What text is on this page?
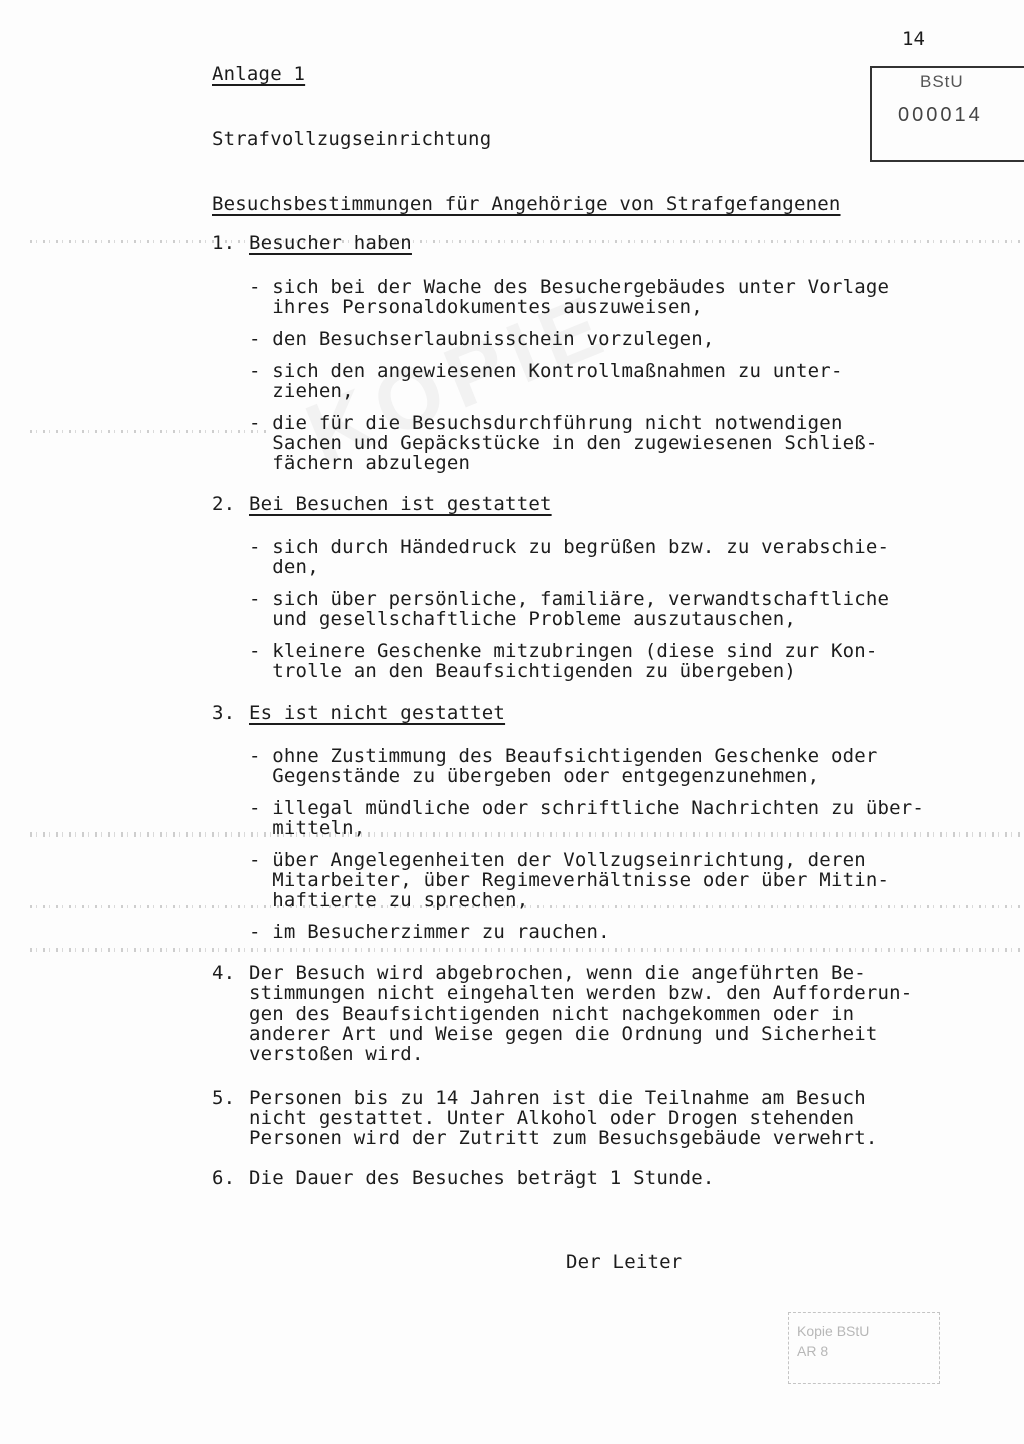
14
BStU
000014
Anlage 1
Strafvollzugseinrichtung
Besuchsbestimmungen für Angehörige von Strafgefangenen
1. Besucher haben
- sich bei der Wache des Besuchergebäudes unter Vorlage
ihres Personaldokumentes auszuweisen,
- den Besuchserlaubnisschein vorzulegen,
- sich den angewiesenen Kontrollmaßnahmen zu unter-
ziehen,
- die für die Besuchsdurchführung nicht notwendigen
Sachen und Gepäckstücke in den zugewiesenen Schließ-
fächern abzulegen
2. Bei Besuchen ist gestattet
- sich durch Händedruck zu begrüßen bzw. zu verabschie-
den,
- sich über persönliche, familiäre, verwandtschaftliche
und gesellschaftliche Probleme auszutauschen,
- kleinere Geschenke mitzubringen (diese sind zur Kon-
trolle an den Beaufsichtigenden zu übergeben)
3. Es ist nicht gestattet
- ohne Zustimmung des Beaufsichtigenden Geschenke oder
Gegenstände zu übergeben oder entgegenzunehmen,
- illegal mündliche oder schriftliche Nachrichten zu über-
mitteln,
- über Angelegenheiten der Vollzugseinrichtung, deren
Mitarbeiter, über Regimeverhältnisse oder über Mitin-
haftierte zu sprechen,
- im Besucherzimmer zu rauchen.
4. Der Besuch wird abgebrochen, wenn die angeführten Be-
stimmungen nicht eingehalten werden bzw. den Aufforderun-
gen des Beaufsichtigenden nicht nachgekommen oder in
anderer Art und Weise gegen die Ordnung und Sicherheit
verstoßen wird.
5. Personen bis zu 14 Jahren ist die Teilnahme am Besuch
nicht gestattet. Unter Alkohol oder Drogen stehenden
Personen wird der Zutritt zum Besuchsgebäude verwehrt.
6. Die Dauer des Besuches beträgt 1 Stunde.
Der Leiter
Kopie BStU
AR 8
